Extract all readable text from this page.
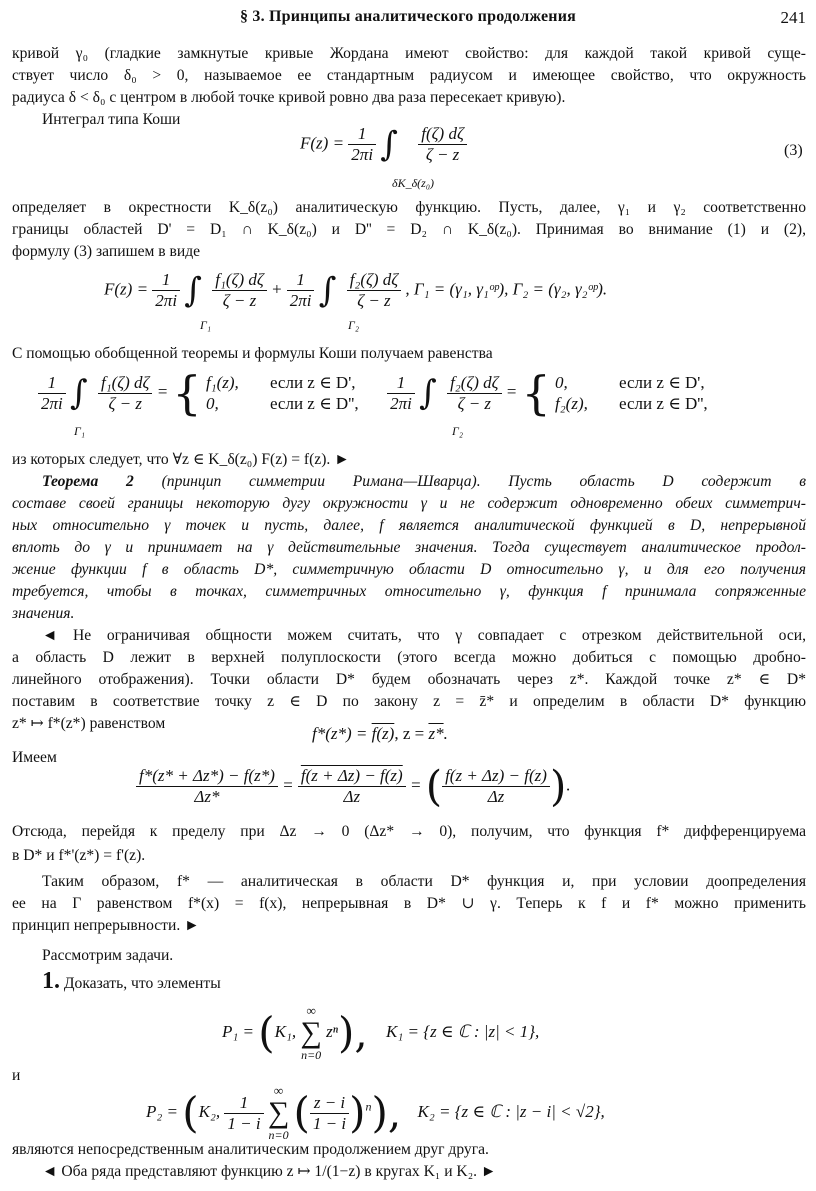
§ 3. Принципы аналитического продолжения	241
кривой γ₀ (гладкие замкнутые кривые Жордана имеют свойство: для каждой такой кривой суще-
ствует число δ₀ > 0, называемое ее стандартным радиусом и имеющее свойство, что окружность
радиуса δ < δ₀ с центром в любой точке кривой ровно два раза пересекает кривую).
Интеграл типа Коши
$F(z) = \frac{1}{2\pi i}$ ∫ $\frac{f(\zeta) d\zeta}{\zeta - z}$
δK_δ(z₀)
(3)
определяет в окрестности K_δ(z₀) аналитическую функцию. Пусть, далее, γ₁ и γ₂ соответственно
границы областей D' = D₁ ∩ K_δ(z₀) и D'' = D₂ ∩ K_δ(z₀). Принимая во внимание (1) и (2),
формулу (3) запишем в виде
$F(z) = \frac{1}{2\pi i}$ ∫ $\frac{\text{f₁(ζ) dζ}}{\zeta - z} + \frac{1}{2\pi i}$ ∫ $\frac{\text{f₂(ζ) dζ}}{\zeta - z}$ , Γ₁ = (γ₁, γ₁ᵒᵖ), Γ₂ = (γ₂, γ₂ᵒᵖ).
Γ₁	Γ₂
С помощью обобщенной теоремы и формулы Коши получаем равенства
$\frac{1}{2\pi i}$ ∫ $\frac{\text{f₁(ζ) dζ}}{\zeta - z}$ = { f₁(z), если z ∈ D',
0,	если z ∈ D'',
$\frac{1}{2\pi i}$ ∫ $\frac{\text{f₂(ζ) dζ}}{\zeta - z}$ = { 0,	если z ∈ D',
f₂(z), если z ∈ D'',
Γ₁	Γ₂
из которых следует, что ∀z ∈ K_δ(z₀) F(z) = f(z). ►
Теорема 2 (принцип симметрии Римана—Шварца). Пусть область D содержит в
составе своей границы некоторую дугу окружности γ и не содержит одновременно обеих симметрич-
ных относительно γ точек и пусть, далее, f является аналитической функцией в D, непрерывной
вплоть до γ и принимает на γ действительные значения. Тогда существует аналитическое продол-
жение функции f в область D*, симметричную области D относительно γ, и для его получения
требуется, чтобы в точках, симметричных относительно γ, функция f принимала сопряженные
значения.
◄ Не ограничивая общности можем считать, что γ совпадает с отрезком действительной оси,
а область D лежит в верхней полуплоскости (этого всегда можно добиться с помощью дробно-
линейного отображения). Точки области D* будем обозначать через z*. Каждой точке z* ∈ D*
поставим в соответствие точку z ∈ D по закону z = z̄* и определим в области D* функцию
z* ↦ f*(z*) равенством
f*(z*) = f(z), z = z*.
Имеем
$\frac{f*(z* + \Delta z*) - f(z*)}{\Delta z*} = \frac{f(z + \Delta z) - f(z)}{\Delta z}$ = ( $\frac{f(z + \Delta z) - f(z)}{\Delta z}$ ).
Отсюда, перейдя к пределу при Δz → 0 (Δz* → 0), получим, что функция f* дифференцируема
в D* и f*'(z*) = f'(z).
Таким образом, f* — аналитическая в области D* функция и, при условии доопределения
ее на Γ равенством f*(x) = f(x), непрерывная в D* ∪ γ. Теперь к f и f* можно применить
принцип непрерывности. ►
Рассмотрим задачи.
1. Доказать, что элементы
P₁ = (K₁,
∞
∑
n=0
zⁿ), K₁ = {z ∈ ℂ : |z| < 1},
и
P₂ = (K₂, $\frac{1}{1 - i}$

∞
∑
n=0 ( $\frac{z - i}{1 - i} )^n$), K₂ = {z ∈ ℂ : |z − i| < √2},
являются непосредственным аналитическим продолжением друг друга.
◄ Оба ряда представляют функцию z ↦ 1/(1−z) в кругах K₁ и K₂. ►
